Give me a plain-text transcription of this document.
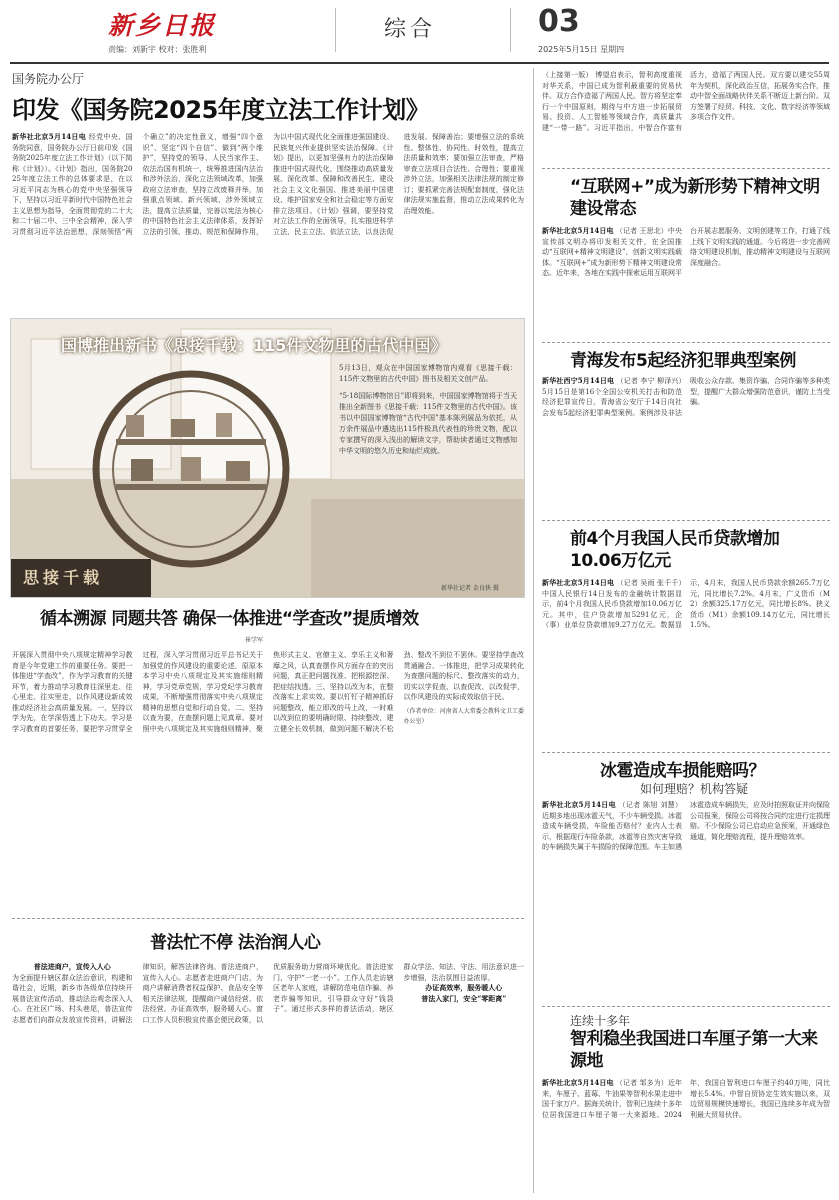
新乡日报
责编：刘新宇 校对：张胜利
综合	03
2025年5月15日 星期四
国务院办公厅
印发《国务院2025年度立法工作计划》
新华社北京5月14日电 经党中央、国务院同意，国务院办公厅日前印发《国务院2025年度立法工作计划》（以下简称《计划》）。《计划》指出，国务院2025年度立法工作的总体要求是，在以习近平同志为核心的党中央坚强领导下，坚持以习近平新时代中国特色社会主义思想为指导，全面贯彻党的二十大和二十届二中、三中全会精神，深入学习贯彻习近平法治思想，深刻领悟“两个确立”的决定性意义，增强“四个意识”、坚定“四个自信”、做到“两个维护”，坚持党的领导、人民当家作主、依法治国有机统一，统筹推进国内法治和涉外法治，深化立法领域改革，加强政府立法审查，坚持立改废释并举，加强重点领域、新兴领域、涉外领域立法，提高立法质量，完善以宪法为核心的中国特色社会主义法律体系，发挥好立法的引领、推动、规范和保障作用，为以中国式现代化全面推进强国建设、民族复兴伟业提供坚实法治保障。《计划》提出，以更加坚强有力的法治保障推进中国式现代化，围绕推动高质量发展、深化改革、保障和改善民生、建设社会主义文化强国、推进美丽中国建设、维护国家安全和社会稳定等方面安排立法项目。《计划》强调，要坚持党对立法工作的全面领导，扎实推进科学立法、民主立法、依法立法，以良法促进发展、保障善治；要增强立法的系统性、整体性、协同性、时效性，提高立法质量和效率；要加强立法审查，严格审查立法项目合法性、合理性；要重视涉外立法，加强相关法律法规的制定修订；要抓紧完善法规配套制度，强化法律法规实施监督，推动立法成果转化为治理效能。
国博推出新书《思接千载：115件文物里的古代中国》
思接千载

5月13日，观众在中国国家博物馆内观看《思接千载：115件文物里的古代中国》图书及相关文创产品。

“5·18国际博物馆日”即将到来，中国国家博物馆将于当天推出全新图书《思接千载：115件文物里的古代中国》。该书以中国国家博物馆“古代中国”基本陈列展品为依托，从万余件展品中遴选出115件极具代表性的珍贵文物，配以专家撰写的深入浅出的解读文字，帮助读者通过文物感知中华文明的悠久历史和灿烂成就。

新华社记者 金良快 摄
循本溯源 同题共答 确保一体推进“学查改”提质增效
崔学军
开展深入贯彻中央八项规定精神学习教育是今年党建工作的重要任务。要把一体推进“学查改”，作为学习教育的关键环节，着力推动学习教育往深里走、往心里走、往实里走，以作风建设新成效推动经济社会高质量发展。一、坚持以学为先，在学深悟透上下功夫。学习是学习教育的首要任务，要把学习贯穿全过程，深入学习贯彻习近平总书记关于加强党的作风建设的重要论述，原原本本学习中央八项规定及其实施细则精神，学习党章党规，学习党纪学习教育成果，不断增强贯彻落实中央八项规定精神的思想自觉和行动自觉。二、坚持以查为要，在查摆问题上见真章。要对照中央八项规定及其实施细则精神，聚焦形式主义、官僚主义、享乐主义和奢靡之风，认真查摆作风方面存在的突出问题，真正把问题找准、把根源挖深、把症结找透。三、坚持以改为本，在整改落实上求实效。要以钉钉子精神抓好问题整改，能立即改的马上改，一时难以改到位的要明确时限、持续整改，建立健全长效机制，做到问题不解决不松劲、整改不到位不罢休。要坚持学查改贯通融合、一体推进，把学习成果转化为查摆问题的标尺、整改落实的动力，切实以学促查、以查促改、以改促学，以作风建设的实际成效取信于民。
（作者单位：河南省人大常委会教科文卫工委办公室）
普法忙不停 法治润人心
普法进商户，宣传入人心
为全面提升辖区群众法治意识，构建和谐社会，近期，新乡市各级单位持续开展普法宣传活动，推动法治观念深入人心。在社区广场、村头巷尾，普法宣传志愿者们向群众发放宣传资料，讲解法律知识，解答法律咨询。普法进商户，宣传入人心。志愿者走进商户门店，为商户讲解消费者权益保护、食品安全等相关法律法规，提醒商户诚信经营、依法经营。办证高效率，服务暖人心。窗口工作人员积极宣传惠企便民政策，以优质服务助力营商环境优化。普法进家门，守护“一老一小”。工作人员走访辖区老年人家庭，讲解防范电信诈骗、养老诈骗等知识，引导群众守好“钱袋子”。通过形式多样的普法活动，辖区群众学法、知法、守法、用法意识进一步增强，法治氛围日益浓厚。
办证高效率，服务暖人心
普法入家门，安全“零距离”
（上接第一版） 博望启表示，智利高度重视对华关系，中国已成为智利最重要的贸易伙伴。双方合作造福了两国人民。智方将坚定奉行一个中国原则，期待与中方进一步拓展贸易、投资、人工智能等领域合作，高质量共建“一带一路”。习近平指出，中智合作富有活力，造福了两国人民。双方要以建交55周年为契机，深化政治互信，拓展务实合作，推动中智全面战略伙伴关系不断迈上新台阶。双方签署了经贸、科技、文化、数字经济等领域多项合作文件。
“互联网+”成为新形势下精神文明建设常态
新华社北京5月14日电 （记者 王思北）中央宣传部文明办将印发相关文件，在全国推动“互联网+精神文明建设”，创新文明实践载体。“互联网+”成为新形势下精神文明建设常态。近年来，各地在实践中探索运用互联网平台开展志愿服务、文明创建等工作，打通了线上线下文明实践的通道。今后将进一步完善网络文明建设机制，推动精神文明建设与互联网深度融合。
青海发布5起经济犯罪典型案例
新华社西宁5月14日电 （记者 李宁 柳泽兴）5月15日是第16个全国公安机关打击和防范经济犯罪宣传日，青海省公安厅于14日向社会发布5起经济犯罪典型案例。案例涉及非法吸收公众存款、集资诈骗、合同诈骗等多种类型，提醒广大群众增强防范意识，谨防上当受骗。
前4个月我国人民币贷款增加10.06万亿元
新华社北京5月14日电 （记者 吴雨 张千千）中国人民银行14日发布的金融统计数据显示，前4个月我国人民币贷款增加10.06万亿元。其中，住户贷款增加5291亿元，企（事）业单位贷款增加9.27万亿元。数据显示，4月末，我国人民币贷款余额265.7万亿元，同比增长7.2%。4月末，广义货币（M2）余额325.17万亿元，同比增长8%。狭义货币（M1）余额109.14万亿元，同比增长1.5%。
冰雹造成车损能赔吗？
如何理赔？机构答疑
新华社北京5月14日电 （记者 陈旭 刘慧）近期多地出现冰雹天气，不少车辆受损。冰雹造成车辆受损，车险能否赔付？业内人士表示，根据现行车险条款，冰雹等自然灾害导致的车辆损失属于车损险的保障范围。车主如遇冰雹造成车辆损失，应及时拍照取证并向保险公司报案，保险公司将按合同约定进行定损理赔。不少保险公司已启动应急预案，开通绿色通道，简化理赔流程，提升理赔效率。
连续十多年
智利稳坐我国进口车厘子第一大来源地
新华社北京5月14日电 （记者 邹多为）近年来，车厘子、蓝莓、牛油果等智利水果走进中国千家万户。据海关统计，智利已连续十多年位居我国进口车厘子第一大来源地。2024年，我国自智利进口车厘子约40万吨，同比增长5.4%。中智自贸协定生效实施以来，双边贸易规模快速增长，我国已连续多年成为智利最大贸易伙伴。
